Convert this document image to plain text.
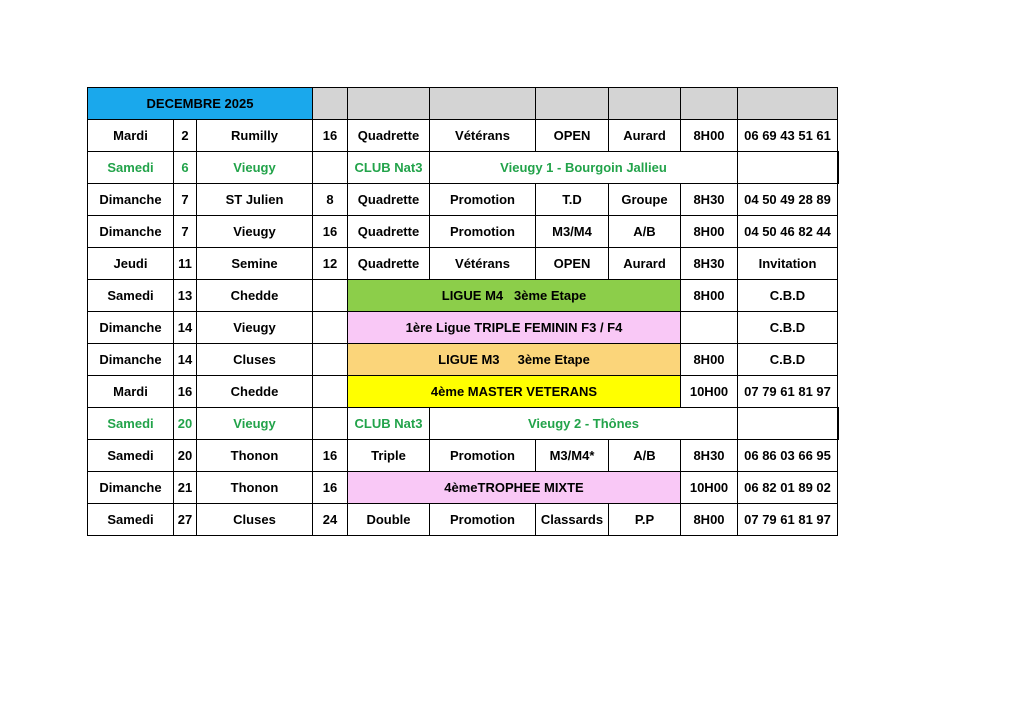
DECEMBRE 2025										
Mardi	2	Rumilly	16	Quadrette	Vétérans	OPEN	Aurard	8H00	06 69 43 51 61	
Samedi	6	Vieugy		CLUB Nat3	Vieugy 1 - Bourgoin Jallieu					
Dimanche	7	ST Julien	8	Quadrette	Promotion	T.D	Groupe	8H30	04 50 49 28 89	
Dimanche	7	Vieugy	16	Quadrette	Promotion	M3/M4	A/B	8H00	04 50 46 82 44	
Jeudi	11	Semine	12	Quadrette	Vétérans	OPEN	Aurard	8H30	Invitation	
Samedi	13	Chedde		LIGUE M4   3ème Etape				8H00	C.B.D	
Dimanche	14	Vieugy		1ère Ligue TRIPLE FEMININ F3 / F4					C.B.D	
Dimanche	14	Cluses		LIGUE M3     3ème Etape				8H00	C.B.D	
Mardi	16	Chedde		4ème MASTER VETERANS				10H00	07 79 61 81 97	
Samedi	20	Vieugy		CLUB Nat3	Vieugy 2 - Thônes					
Samedi	20	Thonon	16	Triple	Promotion	M3/M4*	A/B	8H30	06 86 03 66 95	
Dimanche	21	Thonon	16	4èmeTROPHEE MIXTE				10H00	06 82 01 89 02	
Samedi	27	Cluses	24	Double	Promotion	Classards	P.P	8H00	07 79 61 81 97	
